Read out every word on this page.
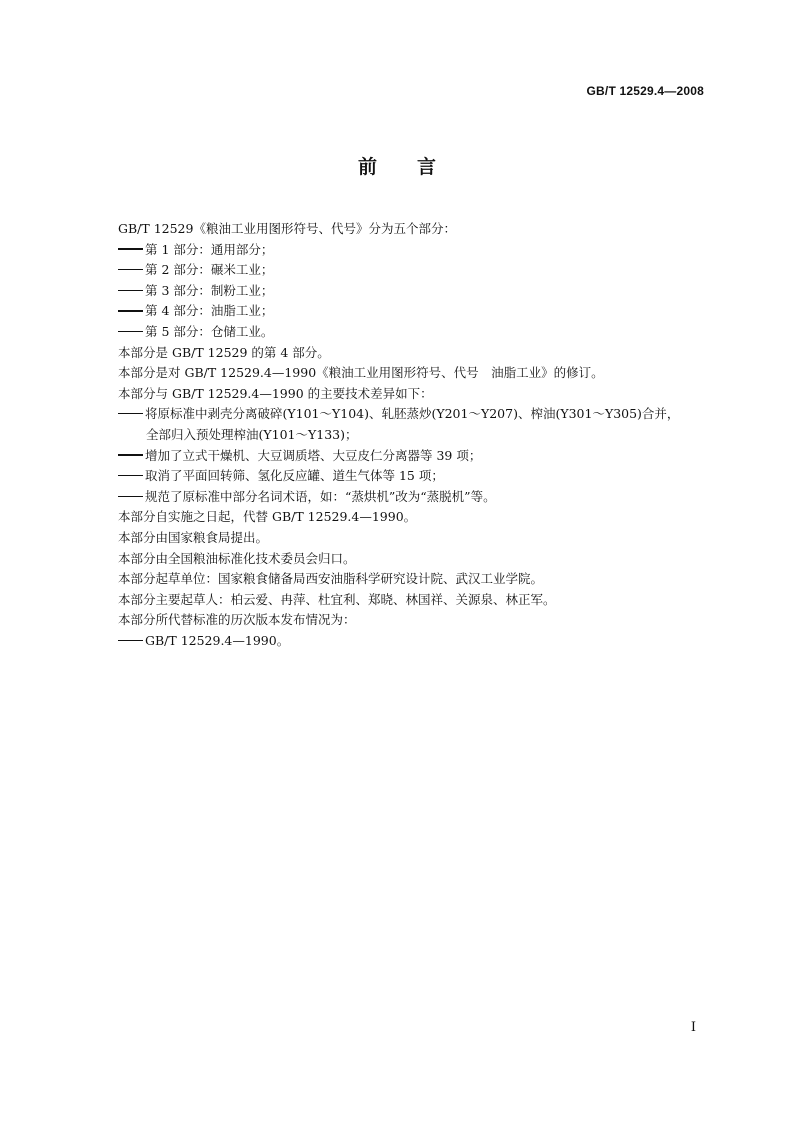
GB/T 12529.4—2008
前言
GB/T 12529《粮油工业用图形符号、代号》分为五个部分：
第 1 部分：通用部分；
第 2 部分：碾米工业；
第 3 部分：制粉工业；
第 4 部分：油脂工业；
第 5 部分：仓储工业。
本部分是 GB/T 12529 的第 4 部分。
本部分是对 GB/T 12529.4—1990《粮油工业用图形符号、代号　油脂工业》的修订。
本部分与 GB/T 12529.4—1990 的主要技术差异如下：
将原标准中剥壳分离破碎(Y101～Y104)、轧胚蒸炒(Y201～Y207)、榨油(Y301～Y305)合并，
全部归入预处理榨油(Y101～Y133)；
增加了立式干燥机、大豆调质塔、大豆皮仁分离器等 39 项；
取消了平面回转筛、氢化反应罐、道生气体等 15 项；
规范了原标准中部分名词术语，如：“蒸烘机”改为“蒸脱机”等。
本部分自实施之日起，代替 GB/T 12529.4—1990。
本部分由国家粮食局提出。
本部分由全国粮油标准化技术委员会归口。
本部分起草单位：国家粮食储备局西安油脂科学研究设计院、武汉工业学院。
本部分主要起草人：柏云爱、冉萍、杜宜利、郑晓、林国祥、关源泉、林正军。
本部分所代替标准的历次版本发布情况为：
GB/T 12529.4—1990。
I
